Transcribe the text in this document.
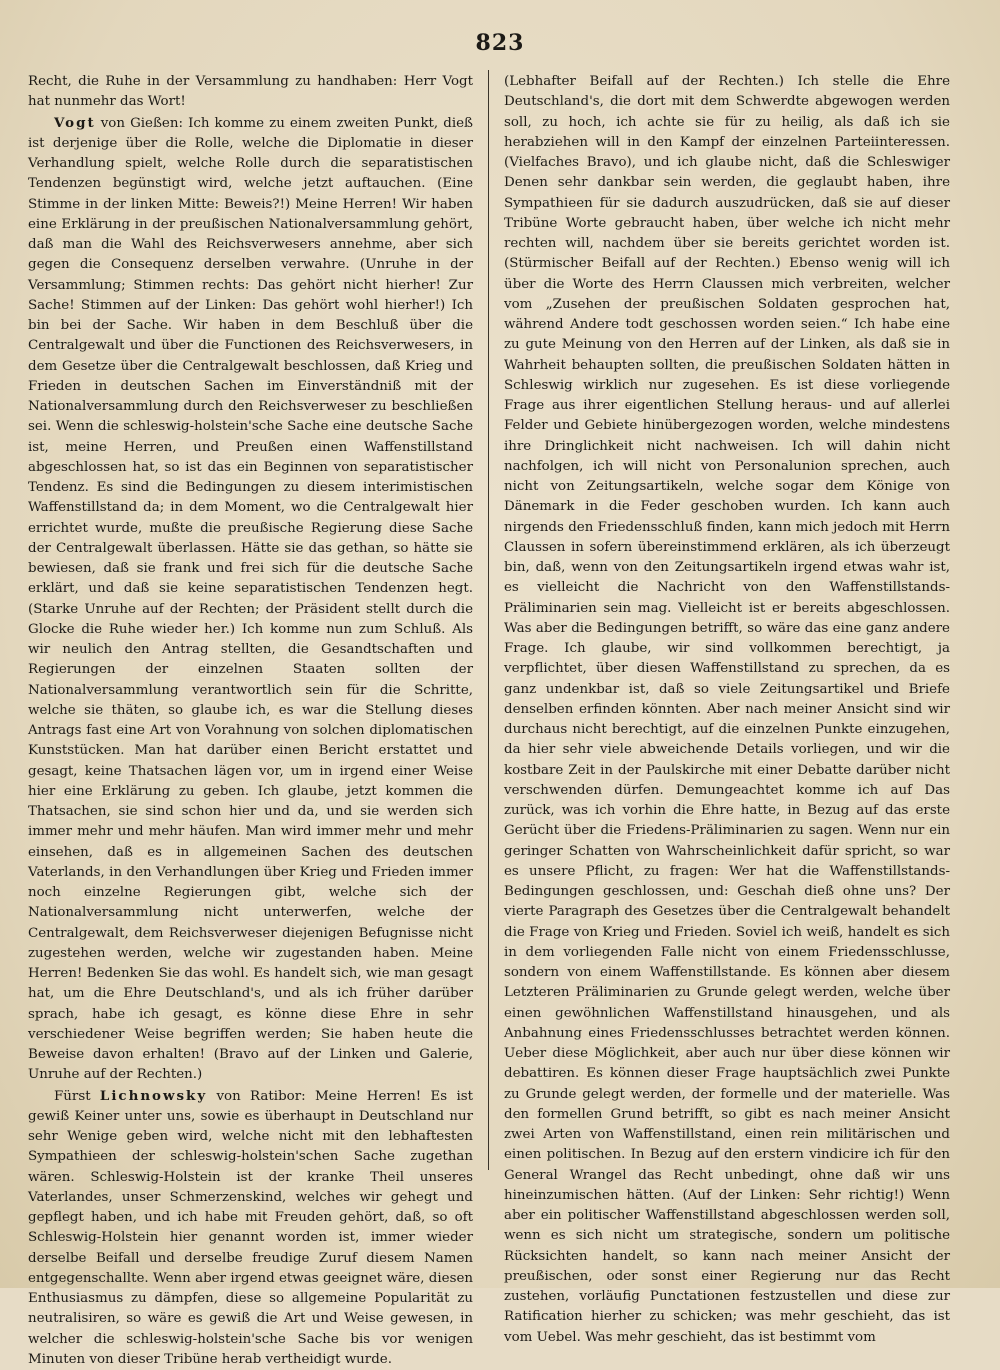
823

Recht, die Ruhe in der Versammlung zu handhaben: Herr Vogt hat nunmehr das Wort!

Vogt von Gießen: Ich komme zu einem zweiten Punkt, dieß ist derjenige über die Rolle, welche die Diplomatie in dieser Verhandlung spielt, welche Rolle durch die separatistischen Tendenzen begünstigt wird, welche jetzt auftauchen. (Eine Stimme in der linken Mitte: Beweis?!) Meine Herren! Wir haben eine Erklärung in der preußischen Nationalversammlung gehört, daß man die Wahl des Reichsverwesers annehme, aber sich gegen die Consequenz derselben verwahre. (Unruhe in der Versammlung; Stimmen rechts: Das gehört nicht hierher! Zur Sache! Stimmen auf der Linken: Das gehört wohl hierher!) Ich bin bei der Sache. Wir haben in dem Beschluß über die Centralgewalt und über die Functionen des Reichsverwesers, in dem Gesetze über die Centralgewalt beschlossen, daß Krieg und Frieden in deutschen Sachen im Einverständniß mit der Nationalversammlung durch den Reichsverweser zu beschließen sei. Wenn die schleswig-holstein'sche Sache eine deutsche Sache ist, meine Herren, und Preußen einen Waffenstillstand abgeschlossen hat, so ist das ein Beginnen von separatistischer Tendenz. Es sind die Bedingungen zu diesem interimistischen Waffenstillstand da; in dem Moment, wo die Centralgewalt hier errichtet wurde, mußte die preußische Regierung diese Sache der Centralgewalt überlassen. Hätte sie das gethan, so hätte sie bewiesen, daß sie frank und frei sich für die deutsche Sache erklärt, und daß sie keine separatistischen Tendenzen hegt. (Starke Unruhe auf der Rechten; der Präsident stellt durch die Glocke die Ruhe wieder her.) Ich komme nun zum Schluß. Als wir neulich den Antrag stellten, die Gesandtschaften und Regierungen der einzelnen Staaten sollten der Nationalversammlung verantwortlich sein für die Schritte, welche sie thäten, so glaube ich, es war die Stellung dieses Antrags fast eine Art von Vorahnung von solchen diplomatischen Kunststücken. Man hat darüber einen Bericht erstattet und gesagt, keine Thatsachen lägen vor, um in irgend einer Weise hier eine Erklärung zu geben. Ich glaube, jetzt kommen die Thatsachen, sie sind schon hier und da, und sie werden sich immer mehr und mehr häufen. Man wird immer mehr und mehr einsehen, daß es in allgemeinen Sachen des deutschen Vaterlands, in den Verhandlungen über Krieg und Frieden immer noch einzelne Regierungen gibt, welche sich der Nationalversammlung nicht unterwerfen, welche der Centralgewalt, dem Reichsverweser diejenigen Befugnisse nicht zugestehen werden, welche wir zugestanden haben. Meine Herren! Bedenken Sie das wohl. Es handelt sich, wie man gesagt hat, um die Ehre Deutschland's, und als ich früher darüber sprach, habe ich gesagt, es könne diese Ehre in sehr verschiedener Weise begriffen werden; Sie haben heute die Beweise davon erhalten! (Bravo auf der Linken und Galerie, Unruhe auf der Rechten.)

Fürst Lichnowsky von Ratibor: Meine Herren! Es ist gewiß Keiner unter uns, sowie es überhaupt in Deutschland nur sehr Wenige geben wird, welche nicht mit den lebhaftesten Sympathieen der schleswig-holstein'schen Sache zugethan wären. Schleswig-Holstein ist der kranke Theil unseres Vaterlandes, unser Schmerzenskind, welches wir gehegt und gepflegt haben, und ich habe mit Freuden gehört, daß, so oft Schleswig-Holstein hier genannt worden ist, immer wieder derselbe Beifall und derselbe freudige Zuruf diesem Namen entgegenschallte. Wenn aber irgend etwas geeignet wäre, diesen Enthusiasmus zu dämpfen, diese so allgemeine Popularität zu neutralisiren, so wäre es gewiß die Art und Weise gewesen, in welcher die schleswig-holstein'sche Sache bis vor wenigen Minuten von dieser Tribüne herab vertheidigt wurde.

(Lebhafter Beifall auf der Rechten.) Ich stelle die Ehre Deutschland's, die dort mit dem Schwerdte abgewogen werden soll, zu hoch, ich achte sie für zu heilig, als daß ich sie herabziehen will in den Kampf der einzelnen Parteiinteressen. (Vielfaches Bravo), und ich glaube nicht, daß die Schleswiger Denen sehr dankbar sein werden, die geglaubt haben, ihre Sympathieen für sie dadurch auszudrücken, daß sie auf dieser Tribüne Worte gebraucht haben, über welche ich nicht mehr rechten will, nachdem über sie bereits gerichtet worden ist. (Stürmischer Beifall auf der Rechten.) Ebenso wenig will ich über die Worte des Herrn Claussen mich verbreiten, welcher vom „Zusehen der preußischen Soldaten gesprochen hat, während Andere todt geschossen worden seien.“ Ich habe eine zu gute Meinung von den Herren auf der Linken, als daß sie in Wahrheit behaupten sollten, die preußischen Soldaten hätten in Schleswig wirklich nur zugesehen. Es ist diese vorliegende Frage aus ihrer eigentlichen Stellung heraus- und auf allerlei Felder und Gebiete hinübergezogen worden, welche mindestens ihre Dringlichkeit nicht nachweisen. Ich will dahin nicht nachfolgen, ich will nicht von Personalunion sprechen, auch nicht von Zeitungsartikeln, welche sogar dem Könige von Dänemark in die Feder geschoben wurden. Ich kann auch nirgends den Friedensschluß finden, kann mich jedoch mit Herrn Claussen in sofern übereinstimmend erklären, als ich überzeugt bin, daß, wenn von den Zeitungsartikeln irgend etwas wahr ist, es vielleicht die Nachricht von den Waffenstillstands-Präliminarien sein mag. Vielleicht ist er bereits abgeschlossen. Was aber die Bedingungen betrifft, so wäre das eine ganz andere Frage. Ich glaube, wir sind vollkommen berechtigt, ja verpflichtet, über diesen Waffenstillstand zu sprechen, da es ganz undenkbar ist, daß so viele Zeitungsartikel und Briefe denselben erfinden könnten. Aber nach meiner Ansicht sind wir durchaus nicht berechtigt, auf die einzelnen Punkte einzugehen, da hier sehr viele abweichende Details vorliegen, und wir die kostbare Zeit in der Paulskirche mit einer Debatte darüber nicht verschwenden dürfen. Demungeachtet komme ich auf Das zurück, was ich vorhin die Ehre hatte, in Bezug auf das erste Gerücht über die Friedens-Präliminarien zu sagen. Wenn nur ein geringer Schatten von Wahrscheinlichkeit dafür spricht, so war es unsere Pflicht, zu fragen: Wer hat die Waffenstillstands-Bedingungen geschlossen, und: Geschah dieß ohne uns? Der vierte Paragraph des Gesetzes über die Centralgewalt behandelt die Frage von Krieg und Frieden. Soviel ich weiß, handelt es sich in dem vorliegenden Falle nicht von einem Friedensschlusse, sondern von einem Waffenstillstande. Es können aber diesem Letzteren Präliminarien zu Grunde gelegt werden, welche über einen gewöhnlichen Waffenstillstand hinausgehen, und als Anbahnung eines Friedensschlusses betrachtet werden können. Ueber diese Möglichkeit, aber auch nur über diese können wir debattiren. Es können dieser Frage hauptsächlich zwei Punkte zu Grunde gelegt werden, der formelle und der materielle. Was den formellen Grund betrifft, so gibt es nach meiner Ansicht zwei Arten von Waffenstillstand, einen rein militärischen und einen politischen. In Bezug auf den erstern vindicire ich für den General Wrangel das Recht unbedingt, ohne daß wir uns hineinzumischen hätten. (Auf der Linken: Sehr richtig!) Wenn aber ein politischer Waffenstillstand abgeschlossen werden soll, wenn es sich nicht um strategische, sondern um politische Rücksichten handelt, so kann nach meiner Ansicht der preußischen, oder sonst einer Regierung nur das Recht zustehen, vorläufig Punctationen festzustellen und diese zur Ratification hierher zu schicken; was mehr geschieht, das ist vom Uebel. Was mehr geschieht, das ist bestimmt vom
